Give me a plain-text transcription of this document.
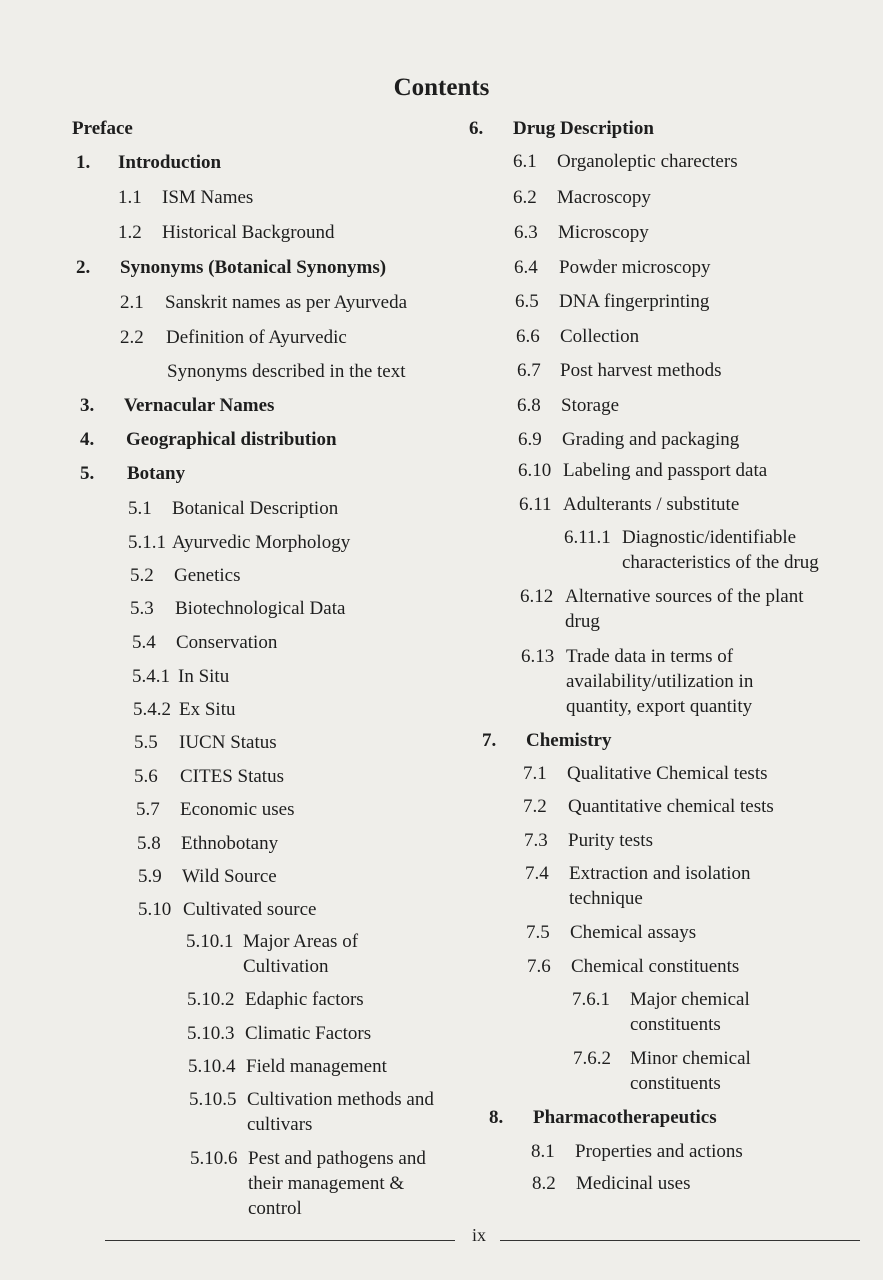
Contents
Preface
1. Introduction
1.1 ISM Names
1.2 Historical Background
2. Synonyms (Botanical Synonyms)
2.1 Sanskrit names as per Ayurveda
2.2 Definition of Ayurvedic
Synonyms described in the text
3. Vernacular Names
4. Geographical distribution
5. Botany
5.1 Botanical Description
5.1.1 Ayurvedic Morphology
5.2 Genetics
5.3 Biotechnological Data
5.4 Conservation
5.4.1 In Situ
5.4.2 Ex Situ
5.5 IUCN Status
5.6 CITES Status
5.7 Economic uses
5.8 Ethnobotany
5.9 Wild Source
5.10 Cultivated source
5.10.1 Major Areas of Cultivation
5.10.2 Edaphic factors
5.10.3 Climatic Factors
5.10.4 Field management
5.10.5 Cultivation methods and cultivars
5.10.6 Pest and pathogens and their management & control
6. Drug Description
6.1 Organoleptic charecters
6.2 Macroscopy
6.3 Microscopy
6.4 Powder microscopy
6.5 DNA fingerprinting
6.6 Collection
6.7 Post harvest methods
6.8 Storage
6.9 Grading and packaging
6.10 Labeling and passport data
6.11 Adulterants / substitute
6.11.1 Diagnostic/identifiable characteristics of the drug
6.12 Alternative sources of the plant drug
6.13 Trade data in terms of availability/utilization in quantity, export quantity
7. Chemistry
7.1 Qualitative Chemical tests
7.2 Quantitative chemical tests
7.3 Purity tests
7.4 Extraction and isolation technique
7.5 Chemical assays
7.6 Chemical constituents
7.6.1 Major chemical constituents
7.6.2 Minor chemical constituents
8. Pharmacotherapeutics
8.1 Properties and actions
8.2 Medicinal uses
ix
